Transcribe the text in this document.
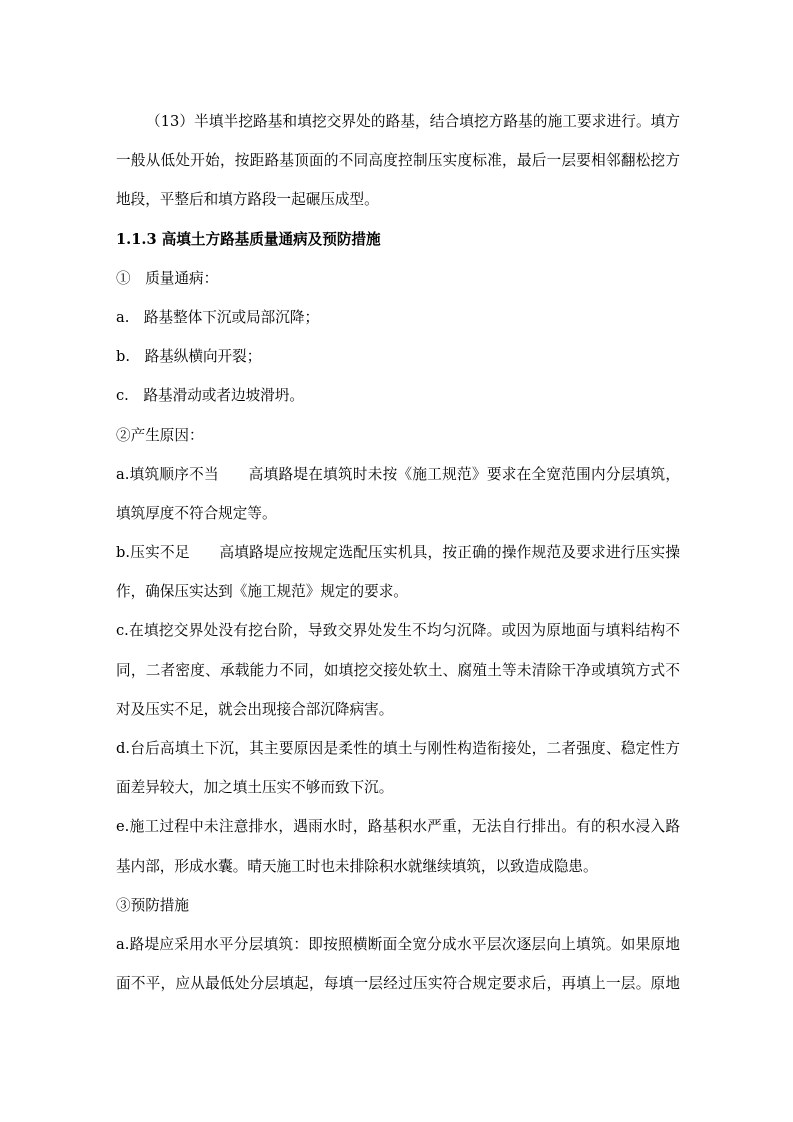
（13）半填半挖路基和填挖交界处的路基，结合填挖方路基的施工要求进行。填方
一般从低处开始，按距路基顶面的不同高度控制压实度标准，最后一层要相邻翻松挖方
地段，平整后和填方路段一起碾压成型。
1.1.3 高填土方路基质量通病及预防措施
①　质量通病：
a.　路基整体下沉或局部沉降；
b.　路基纵横向开裂；
c.　路基滑动或者边坡滑坍。
②产生原因：
a.填筑顺序不当　　高填路堤在填筑时未按《施工规范》要求在全宽范围内分层填筑，
填筑厚度不符合规定等。
b.压实不足　　高填路堤应按规定选配压实机具，按正确的操作规范及要求进行压实操
作，确保压实达到《施工规范》规定的要求。
c.在填挖交界处没有挖台阶，导致交界处发生不均匀沉降。或因为原地面与填料结构不
同，二者密度、承载能力不同，如填挖交接处软土、腐殖土等未清除干净或填筑方式不
对及压实不足，就会出现接合部沉降病害。
d.台后高填土下沉，其主要原因是柔性的填土与刚性构造衔接处，二者强度、稳定性方
面差异较大，加之填土压实不够而致下沉。
e.施工过程中未注意排水，遇雨水时，路基积水严重，无法自行排出。有的积水浸入路
基内部，形成水囊。晴天施工时也未排除积水就继续填筑，以致造成隐患。
③预防措施
a.路堤应采用水平分层填筑：即按照横断面全宽分成水平层次逐层向上填筑。如果原地
面不平，应从最低处分层填起，每填一层经过压实符合规定要求后，再填上一层。原地
